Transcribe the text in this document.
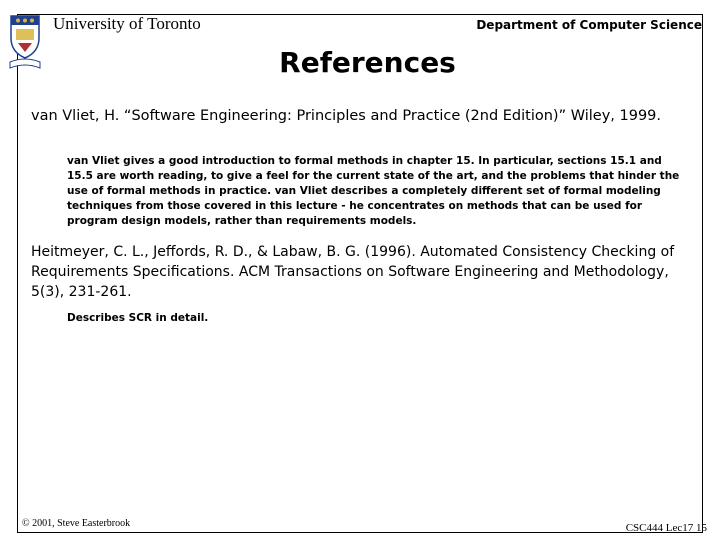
University of Toronto	Department of Computer Science
References
van Vliet, H. “Software Engineering: Principles and Practice (2nd Edition)” Wiley, 1999.
van Vliet gives a good introduction to formal methods in chapter 15. In particular, sections 15.1 and 15.5 are worth reading, to give a feel for the current state of the art, and the problems that hinder the use of formal methods in practice. van Vliet describes a completely different set of formal modeling techniques from those covered in this lecture - he concentrates on methods that can be used for program design models, rather than requirements models.
Heitmeyer, C. L., Jeffords, R. D., & Labaw, B. G. (1996). Automated Consistency Checking of Requirements Specifications. ACM Transactions on Software Engineering and Methodology, 5(3), 231-261.
Describes SCR in detail.
© 2001, Steve Easterbrook	CSC444 Lec17 15
